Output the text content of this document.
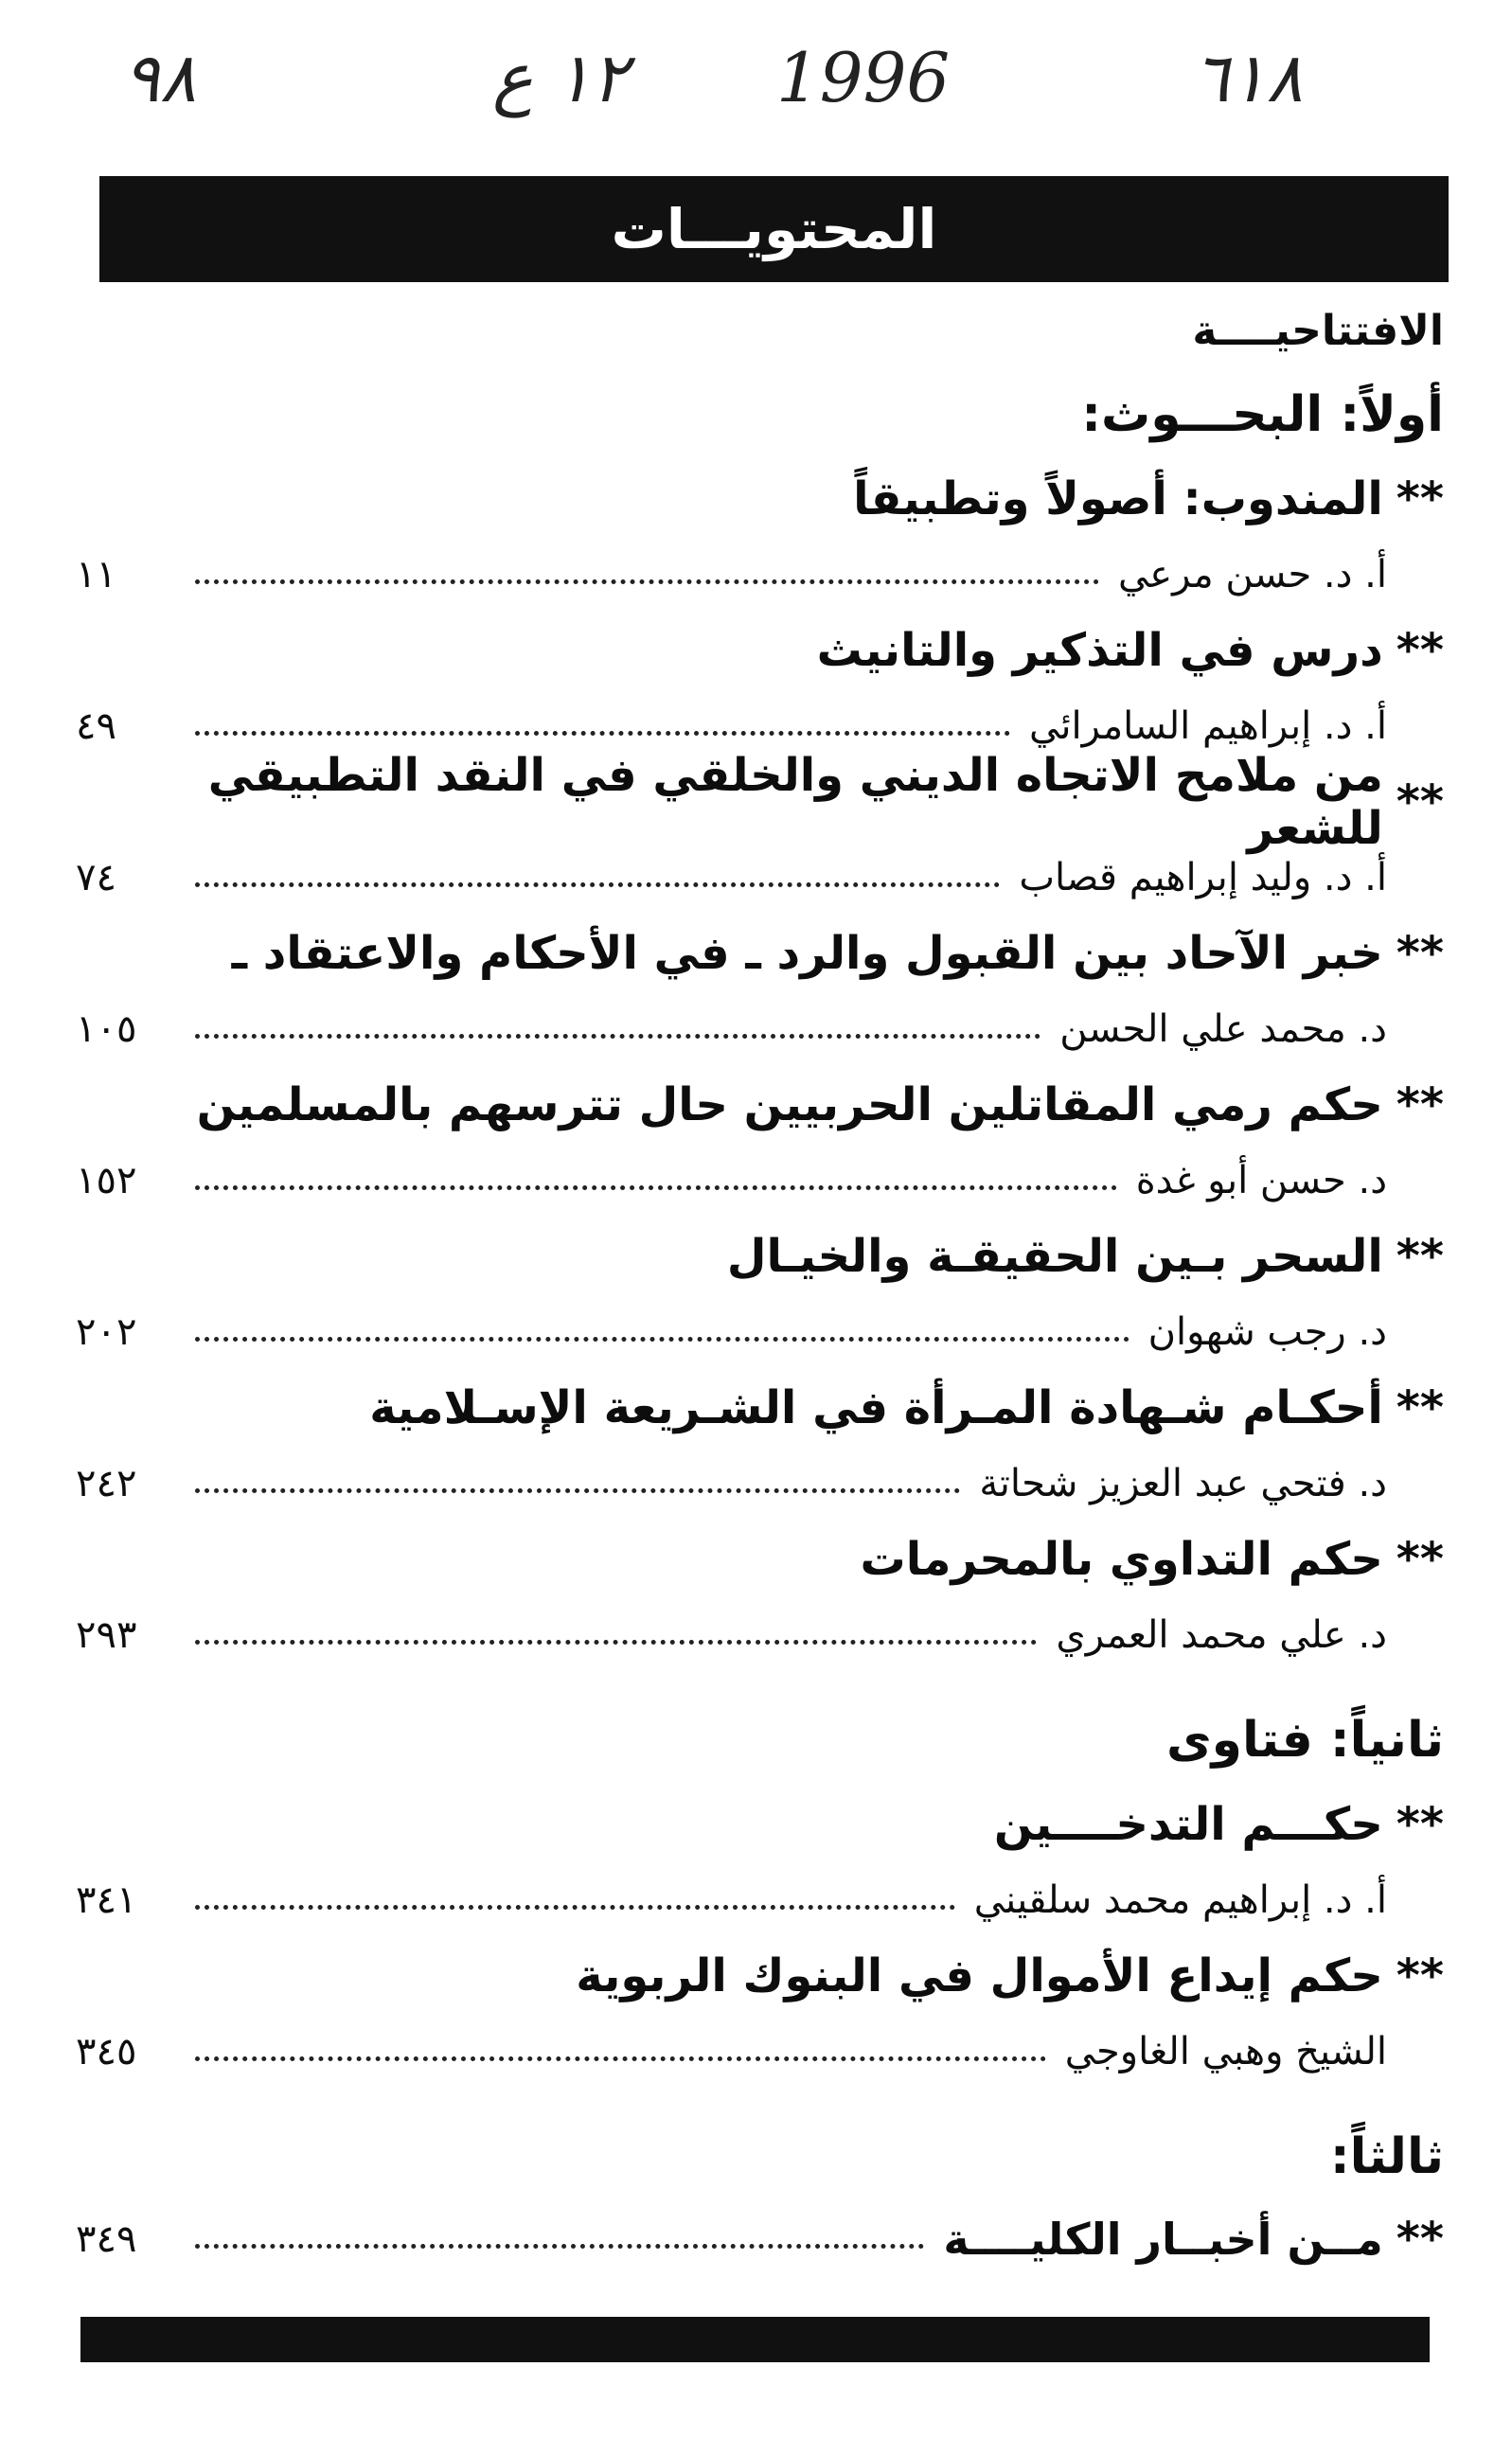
٩٨	١٢ ع 1996	٦١٨
المحتويـــات
الافتتاحيــــة
أولاً: البحـــوث:
**
المندوب: أصولاً وتطبيقاً
أ. د. حسن مرعي
١١
**
درس في التذكير والتانيث
أ. د. إبراهيم السامرائي
٤٩
**
من ملامح الاتجاه الديني والخلقي في النقد التطبيقي للشعر
أ. د. وليد إبراهيم قصاب
٧٤
**
خبر الآحاد بين القبول والرد ـ في الأحكام والاعتقاد ـ
د. محمد علي الحسن
١٠٥
**
حكم رمي المقاتلين الحربيين حال تترسهم بالمسلمين
د. حسن أبو غدة
١٥٢
**
السحر بـين الحقيقـة والخيـال
د. رجب شهوان
٢٠٢
**
أحكـام شـهادة المـرأة في الشـريعة الإسـلامية
د. فتحي عبد العزيز شحاتة
٢٤٢
**
حكم التداوي بالمحرمات
د. علي محمد العمري
٢٩٣
ثانياً: فتاوى
**
حكـــم التدخــــين
أ. د. إبراهيم محمد سلقيني
٣٤١
**
حكم إيداع الأموال في البنوك الربوية
الشيخ وهبي الغاوجي
٣٤٥
ثالثاً:
**مــن أخبــار الكليــــة
٣٤٩
